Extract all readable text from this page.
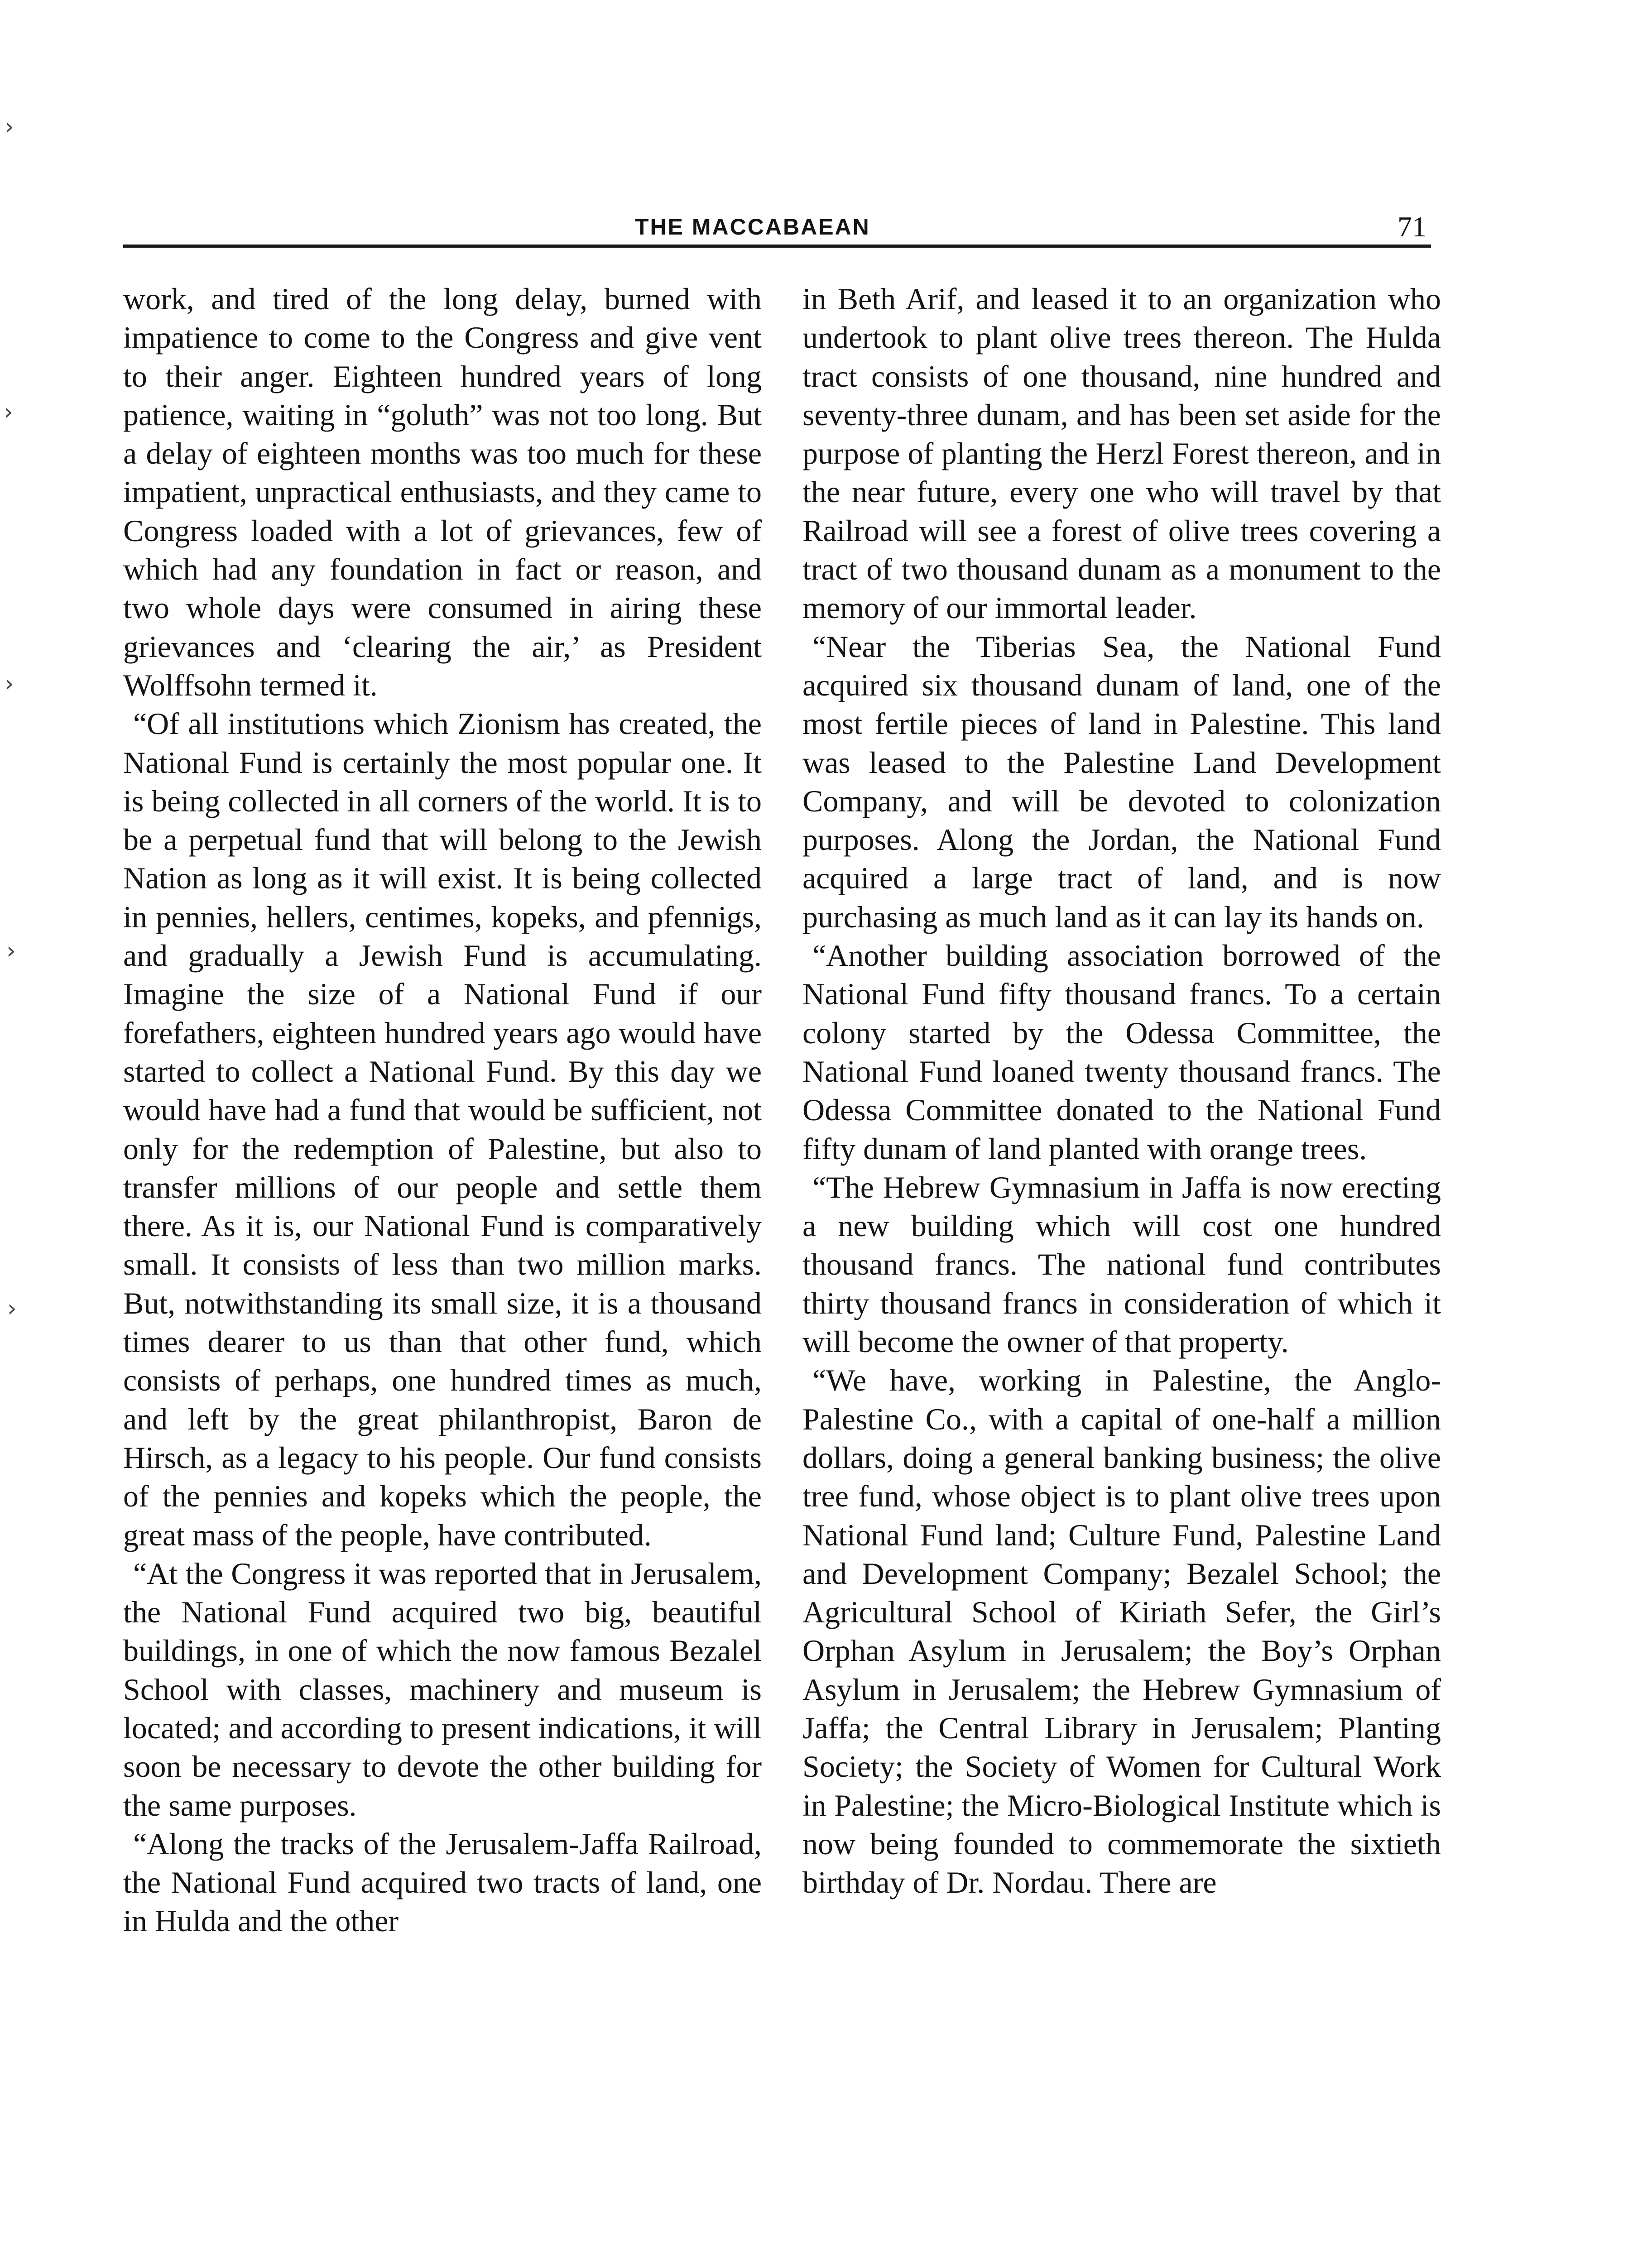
›
›
›
›
›
THE MACCABAEAN	71

work, and tired of the long delay, burned with impatience to come to the Congress and give vent to their anger. Eighteen hundred years of long patience, waiting in “goluth” was not too long. But a delay of eighteen months was too much for these impatient, unpractical enthusiasts, and they came to Congress loaded with a lot of grievances, few of which had any foundation in fact or reason, and two whole days were consumed in airing these grievances and ‘clearing the air,’ as President Wolffsohn termed it.

“Of all institutions which Zionism has created, the National Fund is certainly the most popular one. It is being collected in all corners of the world. It is to be a perpetual fund that will belong to the Jewish Nation as long as it will exist. It is being collected in pennies, hellers, centimes, kopeks, and pfennigs, and gradually a Jewish Fund is accumulating. Imagine the size of a National Fund if our forefathers, eighteen hundred years ago would have started to collect a National Fund. By this day we would have had a fund that would be sufficient, not only for the redemption of Palestine, but also to transfer millions of our people and settle them there. As it is, our National Fund is comparatively small. It consists of less than two million marks. But, notwithstanding its small size, it is a thousand times dearer to us than that other fund, which consists of perhaps, one hundred times as much, and left by the great philanthropist, Baron de Hirsch, as a legacy to his people. Our fund consists of the pennies and kopeks which the people, the great mass of the people, have contributed.

“At the Congress it was reported that in Jerusalem, the National Fund acquired two big, beautiful buildings, in one of which the now famous Bezalel School with classes, machinery and museum is located; and according to present indications, it will soon be necessary to devote the other building for the same purposes.

“Along the tracks of the Jerusalem-Jaffa Railroad, the National Fund acquired two tracts of land, one in Hulda and the other

in Beth Arif, and leased it to an organization who undertook to plant olive trees thereon. The Hulda tract consists of one thousand, nine hundred and seventy-three dunam, and has been set aside for the purpose of planting the Herzl Forest thereon, and in the near future, every one who will travel by that Railroad will see a forest of olive trees covering a tract of two thousand dunam as a monument to the memory of our immortal leader.

“Near the Tiberias Sea, the National Fund acquired six thousand dunam of land, one of the most fertile pieces of land in Palestine. This land was leased to the Palestine Land Development Company, and will be devoted to colonization purposes. Along the Jordan, the National Fund acquired a large tract of land, and is now purchasing as much land as it can lay its hands on.

“Another building association borrowed of the National Fund fifty thousand francs. To a certain colony started by the Odessa Committee, the National Fund loaned twenty thousand francs. The Odessa Committee donated to the National Fund fifty dunam of land planted with orange trees.

“The Hebrew Gymnasium in Jaffa is now erecting a new building which will cost one hundred thousand francs. The national fund contributes thirty thousand francs in consideration of which it will become the owner of that property.

“We have, working in Palestine, the Anglo-Palestine Co., with a capital of one-half a million dollars, doing a general banking business; the olive tree fund, whose object is to plant olive trees upon National Fund land; Culture Fund, Palestine Land and Development Company; Bezalel School; the Agricultural School of Kiriath Sefer, the Girl’s Orphan Asylum in Jerusalem; the Boy’s Orphan Asylum in Jerusalem; the Hebrew Gymnasium of Jaffa; the Central Library in Jerusalem; Planting Society; the Society of Women for Cultural Work in Palestine; the Micro-Biological Institute which is now being founded to commemorate the sixtieth birthday of Dr. Nordau. There are
